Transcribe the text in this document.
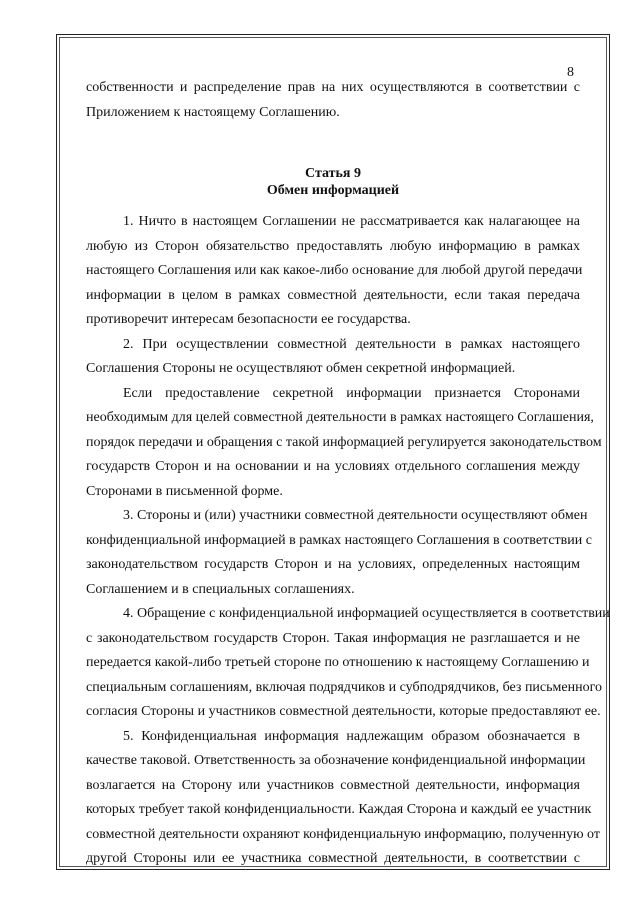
8

собственности и распределение прав на них осуществляются в соответствии с
Приложением к настоящему Соглашению.

Статья 9
Обмен информацией

1. Ничто в настоящем Соглашении не рассматривается как налагающее на
любую из Сторон обязательство предоставлять любую информацию в рамках
настоящего Соглашения или как какое-либо основание для любой другой передачи
информации в целом в рамках совместной деятельности, если такая передача
противоречит интересам безопасности ее государства.

2. При осуществлении совместной деятельности в рамках настоящего
Соглашения Стороны не осуществляют обмен секретной информацией.

Если предоставление секретной информации признается Сторонами
необходимым для целей совместной деятельности в рамках настоящего Соглашения,
порядок передачи и обращения с такой информацией регулируется законодательством
государств Сторон и на основании и на условиях отдельного соглашения между
Сторонами в письменной форме.

3. Стороны и (или) участники совместной деятельности осуществляют обмен
конфиденциальной информацией в рамках настоящего Соглашения в соответствии с
законодательством государств Сторон и на условиях, определенных настоящим
Соглашением и в специальных соглашениях.

4. Обращение с конфиденциальной информацией осуществляется в соответствии
с законодательством государств Сторон. Такая информация не разглашается и не
передается какой-либо третьей стороне по отношению к настоящему Соглашению и
специальным соглашениям, включая подрядчиков и субподрядчиков, без письменного
согласия Стороны и участников совместной деятельности, которые предоставляют ее.

5. Конфиденциальная информация надлежащим образом обозначается в
качестве таковой. Ответственность за обозначение конфиденциальной информации
возлагается на Сторону или участников совместной деятельности, информация
которых требует такой конфиденциальности. Каждая Сторона и каждый ее участник
совместной деятельности охраняют конфиденциальную информацию, полученную от
другой Стороны или ее участника совместной деятельности, в соответствии с
